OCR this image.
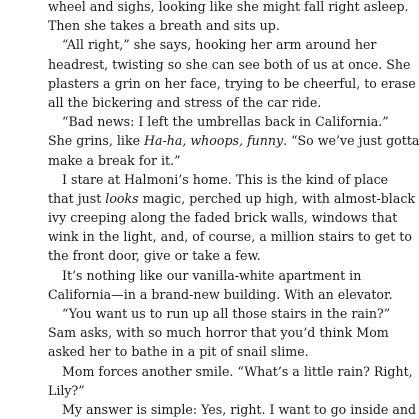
wheel and sighs, looking like she might fall right asleep.
Then she takes a breath and sits up.
“All right,” she says, hooking her arm around her
headrest, twisting so she can see both of us at once. She
plasters a grin on her face, trying to be cheerful, to erase
all the bickering and stress of the car ride.
“Bad news: I left the umbrellas back in California.”
She grins, like Ha-ha, whoops, funny. “So we’ve just gotta
make a break for it.”
I stare at Halmoni’s home. This is the kind of place
that just looks magic, perched up high, with almost-black
ivy creeping along the faded brick walls, windows that
wink in the light, and, of course, a million stairs to get to
the front door, give or take a few.
It’s nothing like our vanilla-white apartment in
California—in a brand-new building. With an elevator.
“You want us to run up all those stairs in the rain?”
Sam asks, with so much horror that you’d think Mom
asked her to bathe in a pit of snail slime.
Mom forces another smile. “What’s a little rain? Right,
Lily?”
My answer is simple: Yes, right. I want to go inside and
